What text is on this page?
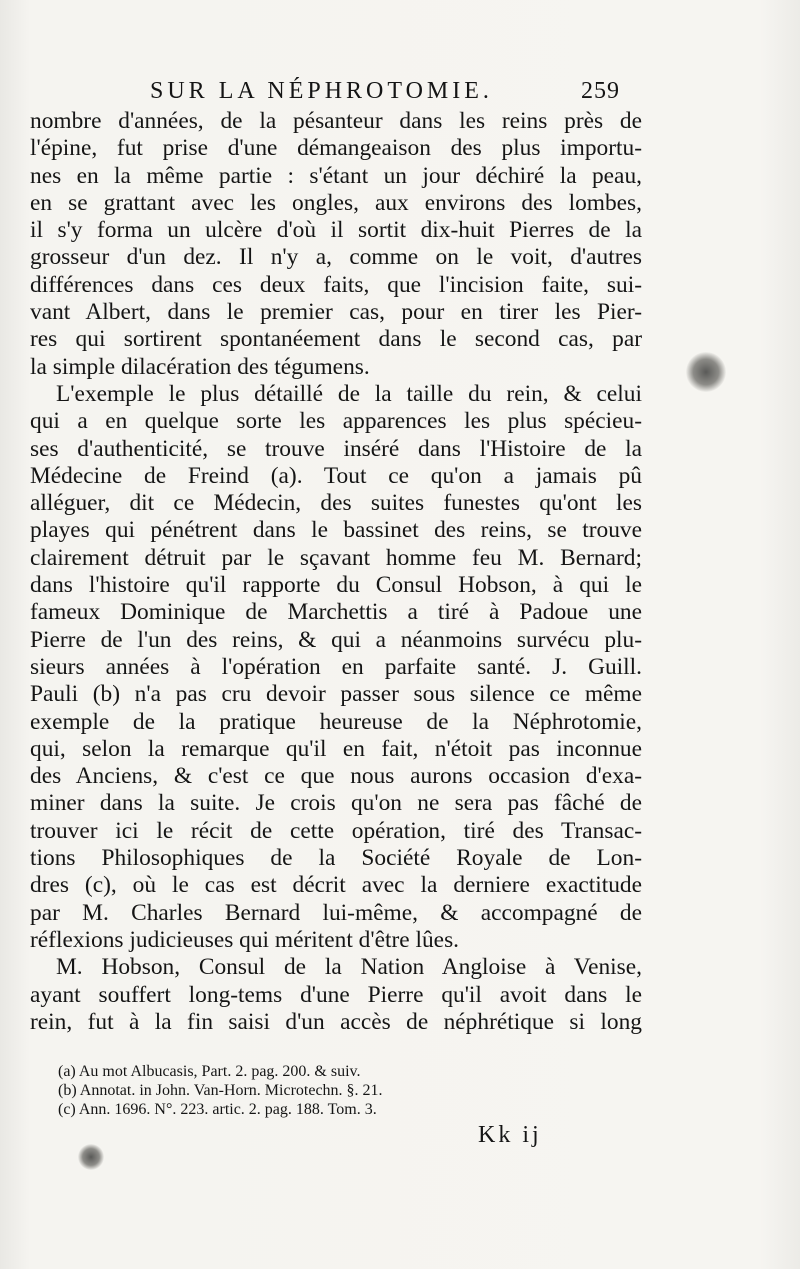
SUR LA NÉPHROTOMIE.	259
nombre d'années, de la pésanteur dans les reins près de
l'épine, fut prise d'une démangeaison des plus importu-
nes en la même partie : s'étant un jour déchiré la peau,
en se grattant avec les ongles, aux environs des lombes,
il s'y forma un ulcère d'où il sortit dix-huit Pierres de la
grosseur d'un dez. Il n'y a, comme on le voit, d'autres
différences dans ces deux faits, que l'incision faite, sui-
vant Albert, dans le premier cas, pour en tirer les Pier-
res qui sortirent spontanéement dans le second cas, par
la simple dilacération des tégumens.
L'exemple le plus détaillé de la taille du rein, & celui
qui a en quelque sorte les apparences les plus spécieu-
ses d'authenticité, se trouve inséré dans l'Histoire de la
Médecine de Freind (a). Tout ce qu'on a jamais pû
alléguer, dit ce Médecin, des suites funestes qu'ont les
playes qui pénétrent dans le bassinet des reins, se trouve
clairement détruit par le sçavant homme feu M. Bernard;
dans l'histoire qu'il rapporte du Consul Hobson, à qui le
fameux Dominique de Marchettis a tiré à Padoue une
Pierre de l'un des reins, & qui a néanmoins survécu plu-
sieurs années à l'opération en parfaite santé. J. Guill.
Pauli (b) n'a pas cru devoir passer sous silence ce même
exemple de la pratique heureuse de la Néphrotomie,
qui, selon la remarque qu'il en fait, n'étoit pas inconnue
des Anciens, & c'est ce que nous aurons occasion d'exa-
miner dans la suite. Je crois qu'on ne sera pas fâché de
trouver ici le récit de cette opération, tiré des Transac-
tions Philosophiques de la Société Royale de Lon-
dres (c), où le cas est décrit avec la derniere exactitude
par M. Charles Bernard lui-même, & accompagné de
réflexions judicieuses qui méritent d'être lûes.
M. Hobson, Consul de la Nation Angloise à Venise,
ayant souffert long-tems d'une Pierre qu'il avoit dans le
rein, fut à la fin saisi d'un accès de néphrétique si long
(a) Au mot Albucasis, Part. 2. pag. 200. & suiv.
(b) Annotat. in John. Van-Horn. Microtechn. §. 21.
(c) Ann. 1696. N°. 223. artic. 2. pag. 188. Tom. 3.
Kk ij
